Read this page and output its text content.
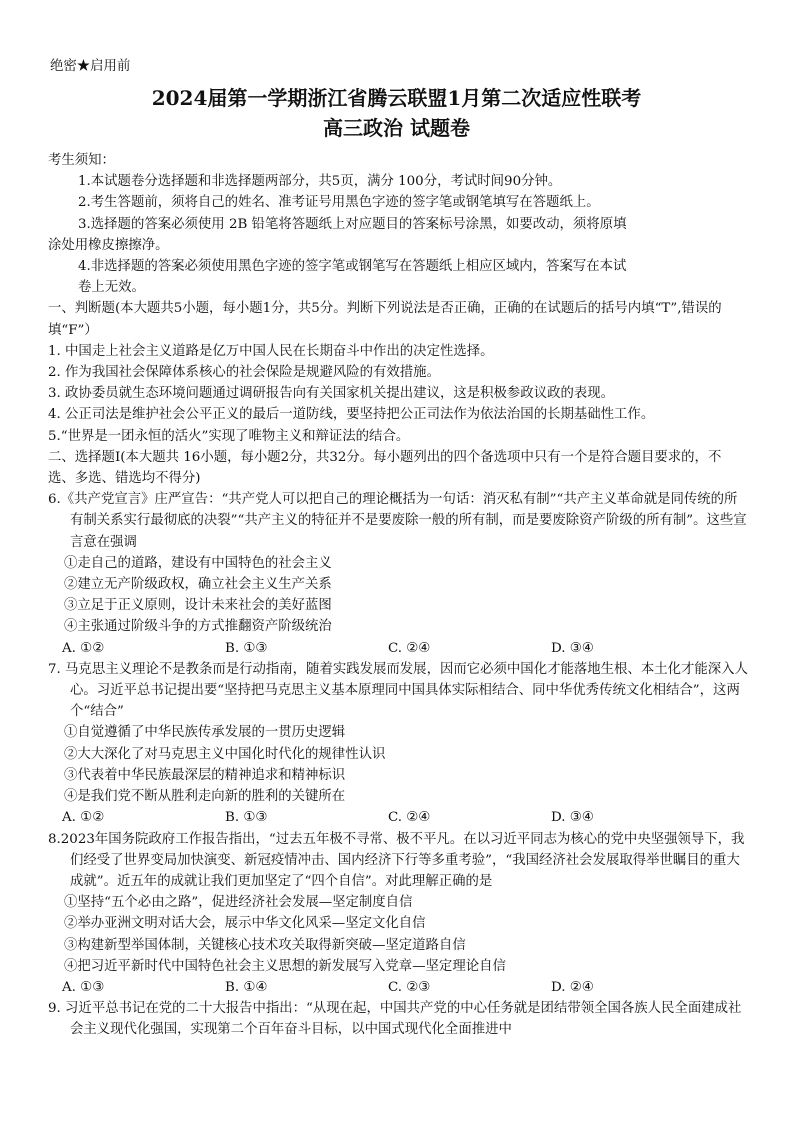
绝密★启用前
2024届第一学期浙江省腾云联盟1月第二次适应性联考
高三政治 试题卷

考生须知：

1.本试题卷分选择题和非选择题两部分，共5页，满分 100分，考试时间90分钟。

2.考生答题前，须将自己的姓名、准考证号用黑色字迹的签字笔或钢笔填写在答题纸上。

3.选择题的答案必须使用 2B 铅笔将答题纸上对应题目的答案标号涂黑，如要改动，须将原填

涂处用橡皮擦擦净。

4.非选择题的答案必须使用黑色字迹的签字笔或钢笔写在答题纸上相应区域内，答案写在本试

卷上无效。

一、判断题(本大题共5小题，每小题1分，共5分。判断下列说法是否正确，正确的在试题后的括号内填“T”,错误的填“F”）

1. 中国走上社会主义道路是亿万中国人民在长期奋斗中作出的决定性选择。

2. 作为我国社会保障体系核心的社会保险是规避风险的有效措施。

3. 政协委员就生态环境问题通过调研报告向有关国家机关提出建议，这是积极参政议政的表现。

4. 公正司法是维护社会公平正义的最后一道防线，要坚持把公正司法作为依法治国的长期基础性工作。

5.“世界是一团永恒的活火”实现了唯物主义和辩证法的结合。

二、选择题Ⅰ(本大题共 16小题，每小题2分，共32分。每小题列出的四个备选项中只有一个是符合题目要求的，不选、多选、错选均不得分)

6.《共产党宣言》庄严宣告：“共产党人可以把自己的理论概括为一句话：消灭私有制”“共产主义革命就是同传统的所有制关系实行最彻底的决裂”“共产主义的特征并不是要废除一般的所有制，而是要废除资产阶级的所有制”。这些宣言意在强调

①走自己的道路，建设有中国特色的社会主义

②建立无产阶级政权，确立社会主义生产关系

③立足于正义原则，设计未来社会的美好蓝图

④主张通过阶级斗争的方式推翻资产阶级统治

A. ①②	B. ①③	C. ②④	D. ③④

7. 马克思主义理论不是教条而是行动指南，随着实践发展而发展，因而它必须中国化才能落地生根、本土化才能深入人心。习近平总书记提出要“坚持把马克思主义基本原理同中国具体实际相结合、同中华优秀传统文化相结合”，这两个“结合”

①自觉遵循了中华民族传承发展的一贯历史逻辑

②大大深化了对马克思主义中国化时代化的规律性认识

③代表着中华民族最深层的精神追求和精神标识

④是我们党不断从胜利走向新的胜利的关键所在

A. ①②	B. ①③	C. ②④	D. ③④

8.2023年国务院政府工作报告指出，“过去五年极不寻常、极不平凡。在以习近平同志为核心的党中央坚强领导下，我们经受了世界变局加快演变、新冠疫情冲击、国内经济下行等多重考验”，“我国经济社会发展取得举世瞩目的重大成就”。近五年的成就让我们更加坚定了“四个自信”。对此理解正确的是

①坚持“五个必由之路”，促进经济社会发展—坚定制度自信

②举办亚洲文明对话大会，展示中华文化风采—坚定文化自信

③构建新型举国体制，关键核心技术攻关取得新突破—坚定道路自信

④把习近平新时代中国特色社会主义思想的新发展写入党章—坚定理论自信

A. ①③	B. ①④	C. ②③	D. ②④

9. 习近平总书记在党的二十大报告中指出：“从现在起，中国共产党的中心任务就是团结带领全国各族人民全面建成社会主义现代化强国，实现第二个百年奋斗目标，以中国式现代化全面推进中
